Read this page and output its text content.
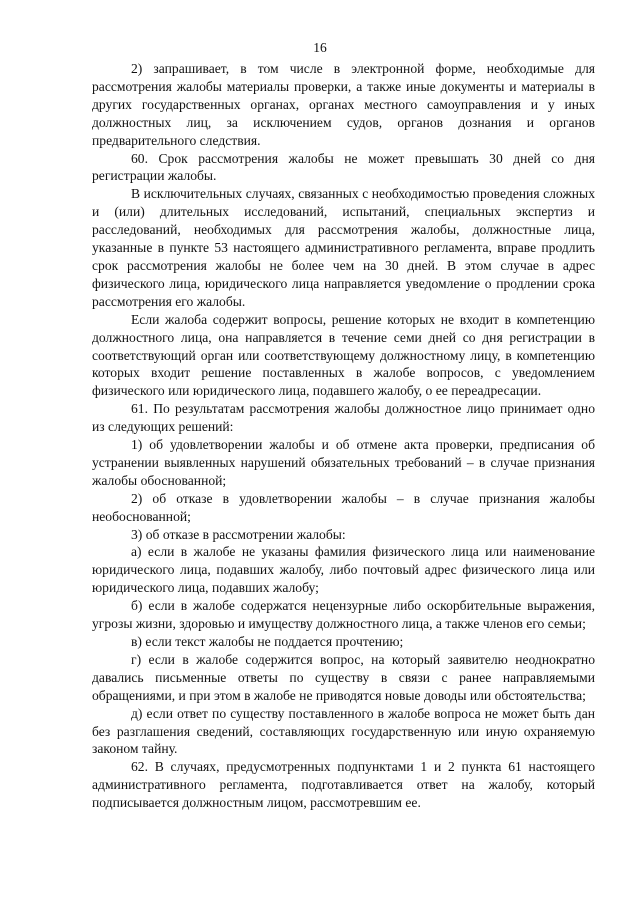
16

2) запрашивает, в том числе в электронной форме, необходимые для рассмотрения жалобы материалы проверки, а также иные документы и материалы в других государственных органах, органах местного самоуправления и у иных должностных лиц, за исключением судов, органов дознания и органов предварительного следствия.

60. Срок рассмотрения жалобы не может превышать 30 дней со дня регистрации жалобы.

В исключительных случаях, связанных с необходимостью проведения сложных и (или) длительных исследований, испытаний, специальных экспертиз и расследований, необходимых для рассмотрения жалобы, должностные лица, указанные в пункте 53 настоящего административного регламента, вправе продлить срок рассмотрения жалобы не более чем на 30 дней. В этом случае в адрес физического лица, юридического лица направляется уведомление о продлении срока рассмотрения его жалобы.

Если жалоба содержит вопросы, решение которых не входит в компетенцию должностного лица, она направляется в течение семи дней со дня регистрации в соответствующий орган или соответствующему должностному лицу, в компетенцию которых входит решение поставленных в жалобе вопросов, с уведомлением физического или юридического лица, подавшего жалобу, о ее переадресации.

61. По результатам рассмотрения жалобы должностное лицо принимает одно из следующих решений:

1) об удовлетворении жалобы и об отмене акта проверки, предписания об устранении выявленных нарушений обязательных требований – в случае признания жалобы обоснованной;

2) об отказе в удовлетворении жалобы – в случае признания жалобы необоснованной;

3) об отказе в рассмотрении жалобы:

а) если в жалобе не указаны фамилия физического лица или наименование юридического лица, подавших жалобу, либо почтовый адрес физического лица или юридического лица, подавших жалобу;

б) если в жалобе содержатся нецензурные либо оскорбительные выражения, угрозы жизни, здоровью и имуществу должностного лица, а также членов его семьи;

в) если текст жалобы не поддается прочтению;

г) если в жалобе содержится вопрос, на который заявителю неоднократно давались письменные ответы по существу в связи с ранее направляемыми обращениями, и при этом в жалобе не приводятся новые доводы или обстоятельства;

д) если ответ по существу поставленного в жалобе вопроса не может быть дан без разглашения сведений, составляющих государственную или иную охраняемую законом тайну.

62. В случаях, предусмотренных подпунктами 1 и 2 пункта 61 настоящего административного регламента, подготавливается ответ на жалобу, который подписывается должностным лицом, рассмотревшим ее.
